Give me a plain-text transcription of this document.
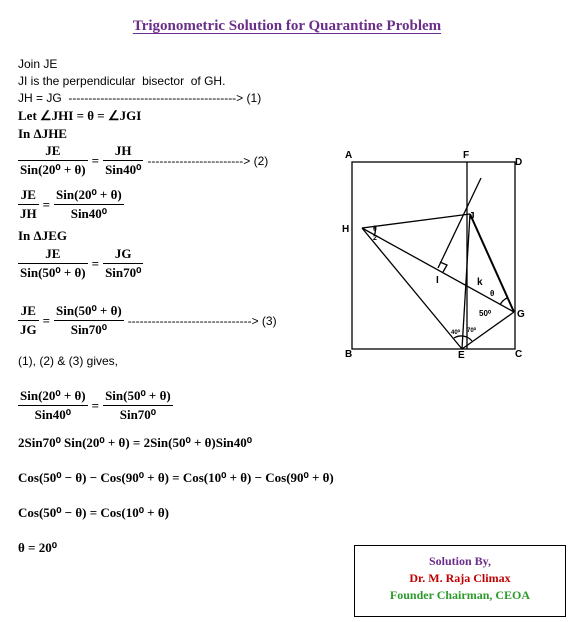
Trigonometric Solution for Quarantine Problem
Join JE
JI is the perpendicular  bisector  of GH.
JH = JG  ------------------------------------------> (1)
Let ∠JHI = θ = ∠JGI
In ΔJHE
$\frac{JE}{\text{Sin(20⁰ + θ)}} = \frac{JH}{\text{Sin40⁰}}$ ------------------------> (2)
$\frac{JE}{JH} = \frac{\text{Sin(20⁰ + θ)}}{\text{Sin40⁰}}$
In ΔJEG
$\frac{JE}{\text{Sin(50⁰ + θ)}} = \frac{JG}{\text{Sin70⁰}}$
$\frac{JE}{JG} = \frac{\text{Sin(50⁰ + θ)}}{\text{Sin70⁰}}$ -------------------------------> (3)
(1), (2) & (3) gives,
$\frac{\text{Sin(20⁰ + θ)}}{\text{Sin40⁰}} = \frac{\text{Sin(50⁰ + θ)}}{\text{Sin70⁰}}$
2Sin70⁰ Sin(20⁰ + θ) = 2Sin(50⁰ + θ)Sin40⁰
Cos(50⁰ − θ) − Cos(90⁰ + θ) = Cos(10⁰ + θ) − Cos(90⁰ + θ)
Cos(50⁰ − θ) = Cos(10⁰ + θ)
θ = 20⁰
A	F
D
H
J
I	k
G
B	E	C
θ
2
θ
50⁰
40⁰ 70⁰
Solution By,
Dr. M. Raja Climax
Founder Chairman, CEOA
